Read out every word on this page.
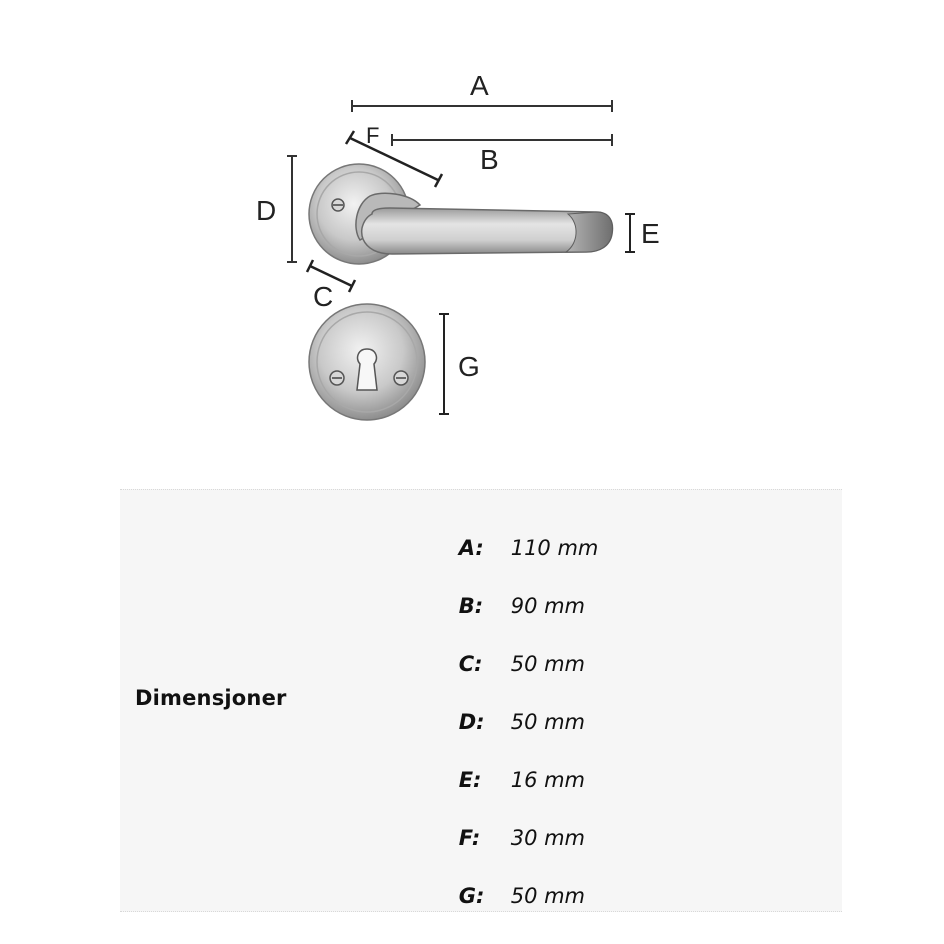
A
B
F
D
C
E
G
Dimensjoner

A: 110 mm

B: 90 mm

C: 50 mm

D: 50 mm

E: 16 mm

F: 30 mm

G: 50 mm
